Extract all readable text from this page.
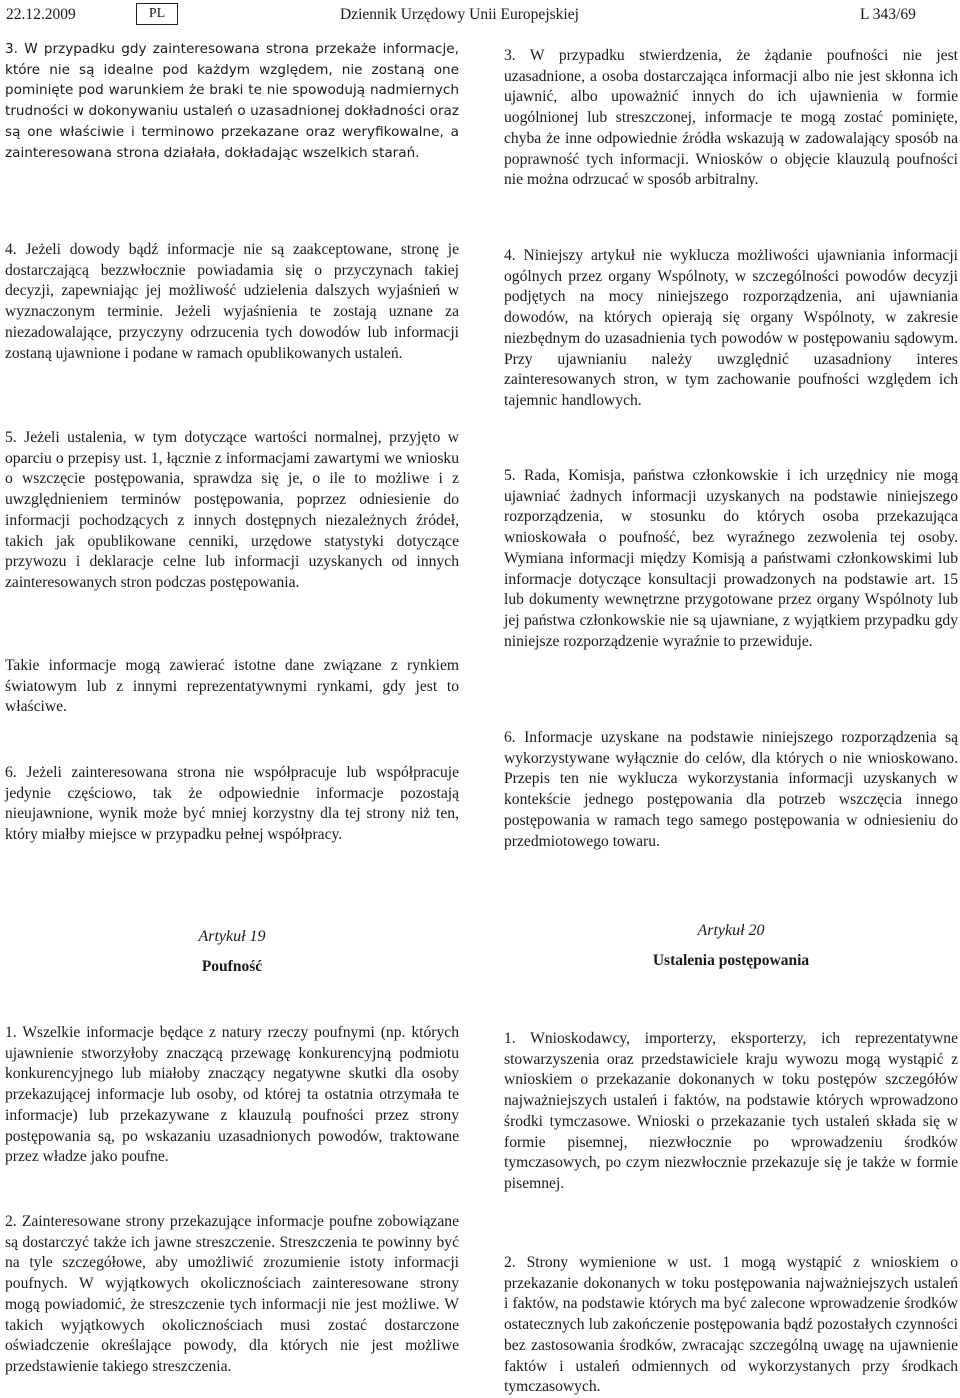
22.12.2009	PL	Dziennik Urzędowy Unii Europejskiej	L 343/69

3. W przypadku gdy zainteresowana strona przekaże informacje, które nie są idealne pod każdym względem, nie zostaną one pominięte pod warunkiem że braki te nie spowodują nadmiernych trudności w dokonywaniu ustaleń o uzasadnionej dokładności oraz są one właściwie i terminowo przekazane oraz weryfikowalne, a zainteresowana strona działała, dokładając wszelkich starań.

4. Jeżeli dowody bądź informacje nie są zaakceptowane, stronę je dostarczającą bezzwłocznie powiadamia się o przyczynach takiej decyzji, zapewniając jej możliwość udzielenia dalszych wyjaśnień w wyznaczonym terminie. Jeżeli wyjaśnienia te zostają uznane za niezadowalające, przyczyny odrzucenia tych dowodów lub informacji zostaną ujawnione i podane w ramach opublikowanych ustaleń.

5. Jeżeli ustalenia, w tym dotyczące wartości normalnej, przyjęto w oparciu o przepisy ust. 1, łącznie z informacjami zawartymi we wniosku o wszczęcie postępowania, sprawdza się je, o ile to możliwe i z uwzględnieniem terminów postępowania, poprzez odniesienie do informacji pochodzących z innych dostępnych niezależnych źródeł, takich jak opublikowane cenniki, urzędowe statystyki dotyczące przywozu i deklaracje celne lub informacji uzyskanych od innych zainteresowanych stron podczas postępowania.

Takie informacje mogą zawierać istotne dane związane z rynkiem światowym lub z innymi reprezentatywnymi rynkami, gdy jest to właściwe.

6. Jeżeli zainteresowana strona nie współpracuje lub współpracuje jedynie częściowo, tak że odpowiednie informacje pozostają nieujawnione, wynik może być mniej korzystny dla tej strony niż ten, który miałby miejsce w przypadku pełnej współpracy.

Artykuł 19
Poufność

1. Wszelkie informacje będące z natury rzeczy poufnymi (np. których ujawnienie stworzyłoby znaczącą przewagę konkurencyjną podmiotu konkurencyjnego lub miałoby znaczący negatywne skutki dla osoby przekazującej informacje lub osoby, od której ta ostatnia otrzymała te informacje) lub przekazywane z klauzulą poufności przez strony postępowania są, po wskazaniu uzasadnionych powodów, traktowane przez władze jako poufne.

2. Zainteresowane strony przekazujące informacje poufne zobowiązane są dostarczyć także ich jawne streszczenie. Streszczenia te powinny być na tyle szczegółowe, aby umożliwić zrozumienie istoty informacji poufnych. W wyjątkowych okolicznościach zainteresowane strony mogą powiadomić, że streszczenie tych informacji nie jest możliwe. W takich wyjątkowych okolicznościach musi zostać dostarczone oświadczenie określające powody, dla których nie jest możliwe przedstawienie takiego streszczenia.

3. W przypadku stwierdzenia, że żądanie poufności nie jest uzasadnione, a osoba dostarczająca informacji albo nie jest skłonna ich ujawnić, albo upoważnić innych do ich ujawnienia w formie uogólnionej lub streszczonej, informacje te mogą zostać pominięte, chyba że inne odpowiednie źródła wskazują w zadowalający sposób na poprawność tych informacji. Wniosków o objęcie klauzulą poufności nie można odrzucać w sposób arbitralny.

4. Niniejszy artykuł nie wyklucza możliwości ujawniania informacji ogólnych przez organy Wspólnoty, w szczególności powodów decyzji podjętych na mocy niniejszego rozporządzenia, ani ujawniania dowodów, na których opierają się organy Wspólnoty, w zakresie niezbędnym do uzasadnienia tych powodów w postępowaniu sądowym. Przy ujawnianiu należy uwzględnić uzasadniony interes zainteresowanych stron, w tym zachowanie poufności względem ich tajemnic handlowych.

5. Rada, Komisja, państwa członkowskie i ich urzędnicy nie mogą ujawniać żadnych informacji uzyskanych na podstawie niniejszego rozporządzenia, w stosunku do których osoba przekazująca wnioskowała o poufność, bez wyraźnego zezwolenia tej osoby. Wymiana informacji między Komisją a państwami członkowskimi lub informacje dotyczące konsultacji prowadzonych na podstawie art. 15 lub dokumenty wewnętrzne przygotowane przez organy Wspólnoty lub jej państwa członkowskie nie są ujawniane, z wyjątkiem przypadku gdy niniejsze rozporządzenie wyraźnie to przewiduje.

6. Informacje uzyskane na podstawie niniejszego rozporządzenia są wykorzystywane wyłącznie do celów, dla których o nie wnioskowano. Przepis ten nie wyklucza wykorzystania informacji uzyskanych w kontekście jednego postępowania dla potrzeb wszczęcia innego postępowania w ramach tego samego postępowania w odniesieniu do przedmiotowego towaru.

Artykuł 20
Ustalenia postępowania

1. Wnioskodawcy, importerzy, eksporterzy, ich reprezentatywne stowarzyszenia oraz przedstawiciele kraju wywozu mogą wystąpić z wnioskiem o przekazanie dokonanych w toku postępów szczegółów najważniejszych ustaleń i faktów, na podstawie których wprowadzono środki tymczasowe. Wnioski o przekazanie tych ustaleń składa się w formie pisemnej, niezwłocznie po wprowadzeniu środków tymczasowych, po czym niezwłocznie przekazuje się je także w formie pisemnej.

2. Strony wymienione w ust. 1 mogą wystąpić z wnioskiem o przekazanie dokonanych w toku postępowania najważniejszych ustaleń i faktów, na podstawie których ma być zalecone wprowadzenie środków ostatecznych lub zakończenie postępowania bądź pozostałych czynności bez zastosowania środków, zwracając szczególną uwagę na ujawnienie faktów i ustaleń odmiennych od wykorzystanych przy środkach tymczasowych.
